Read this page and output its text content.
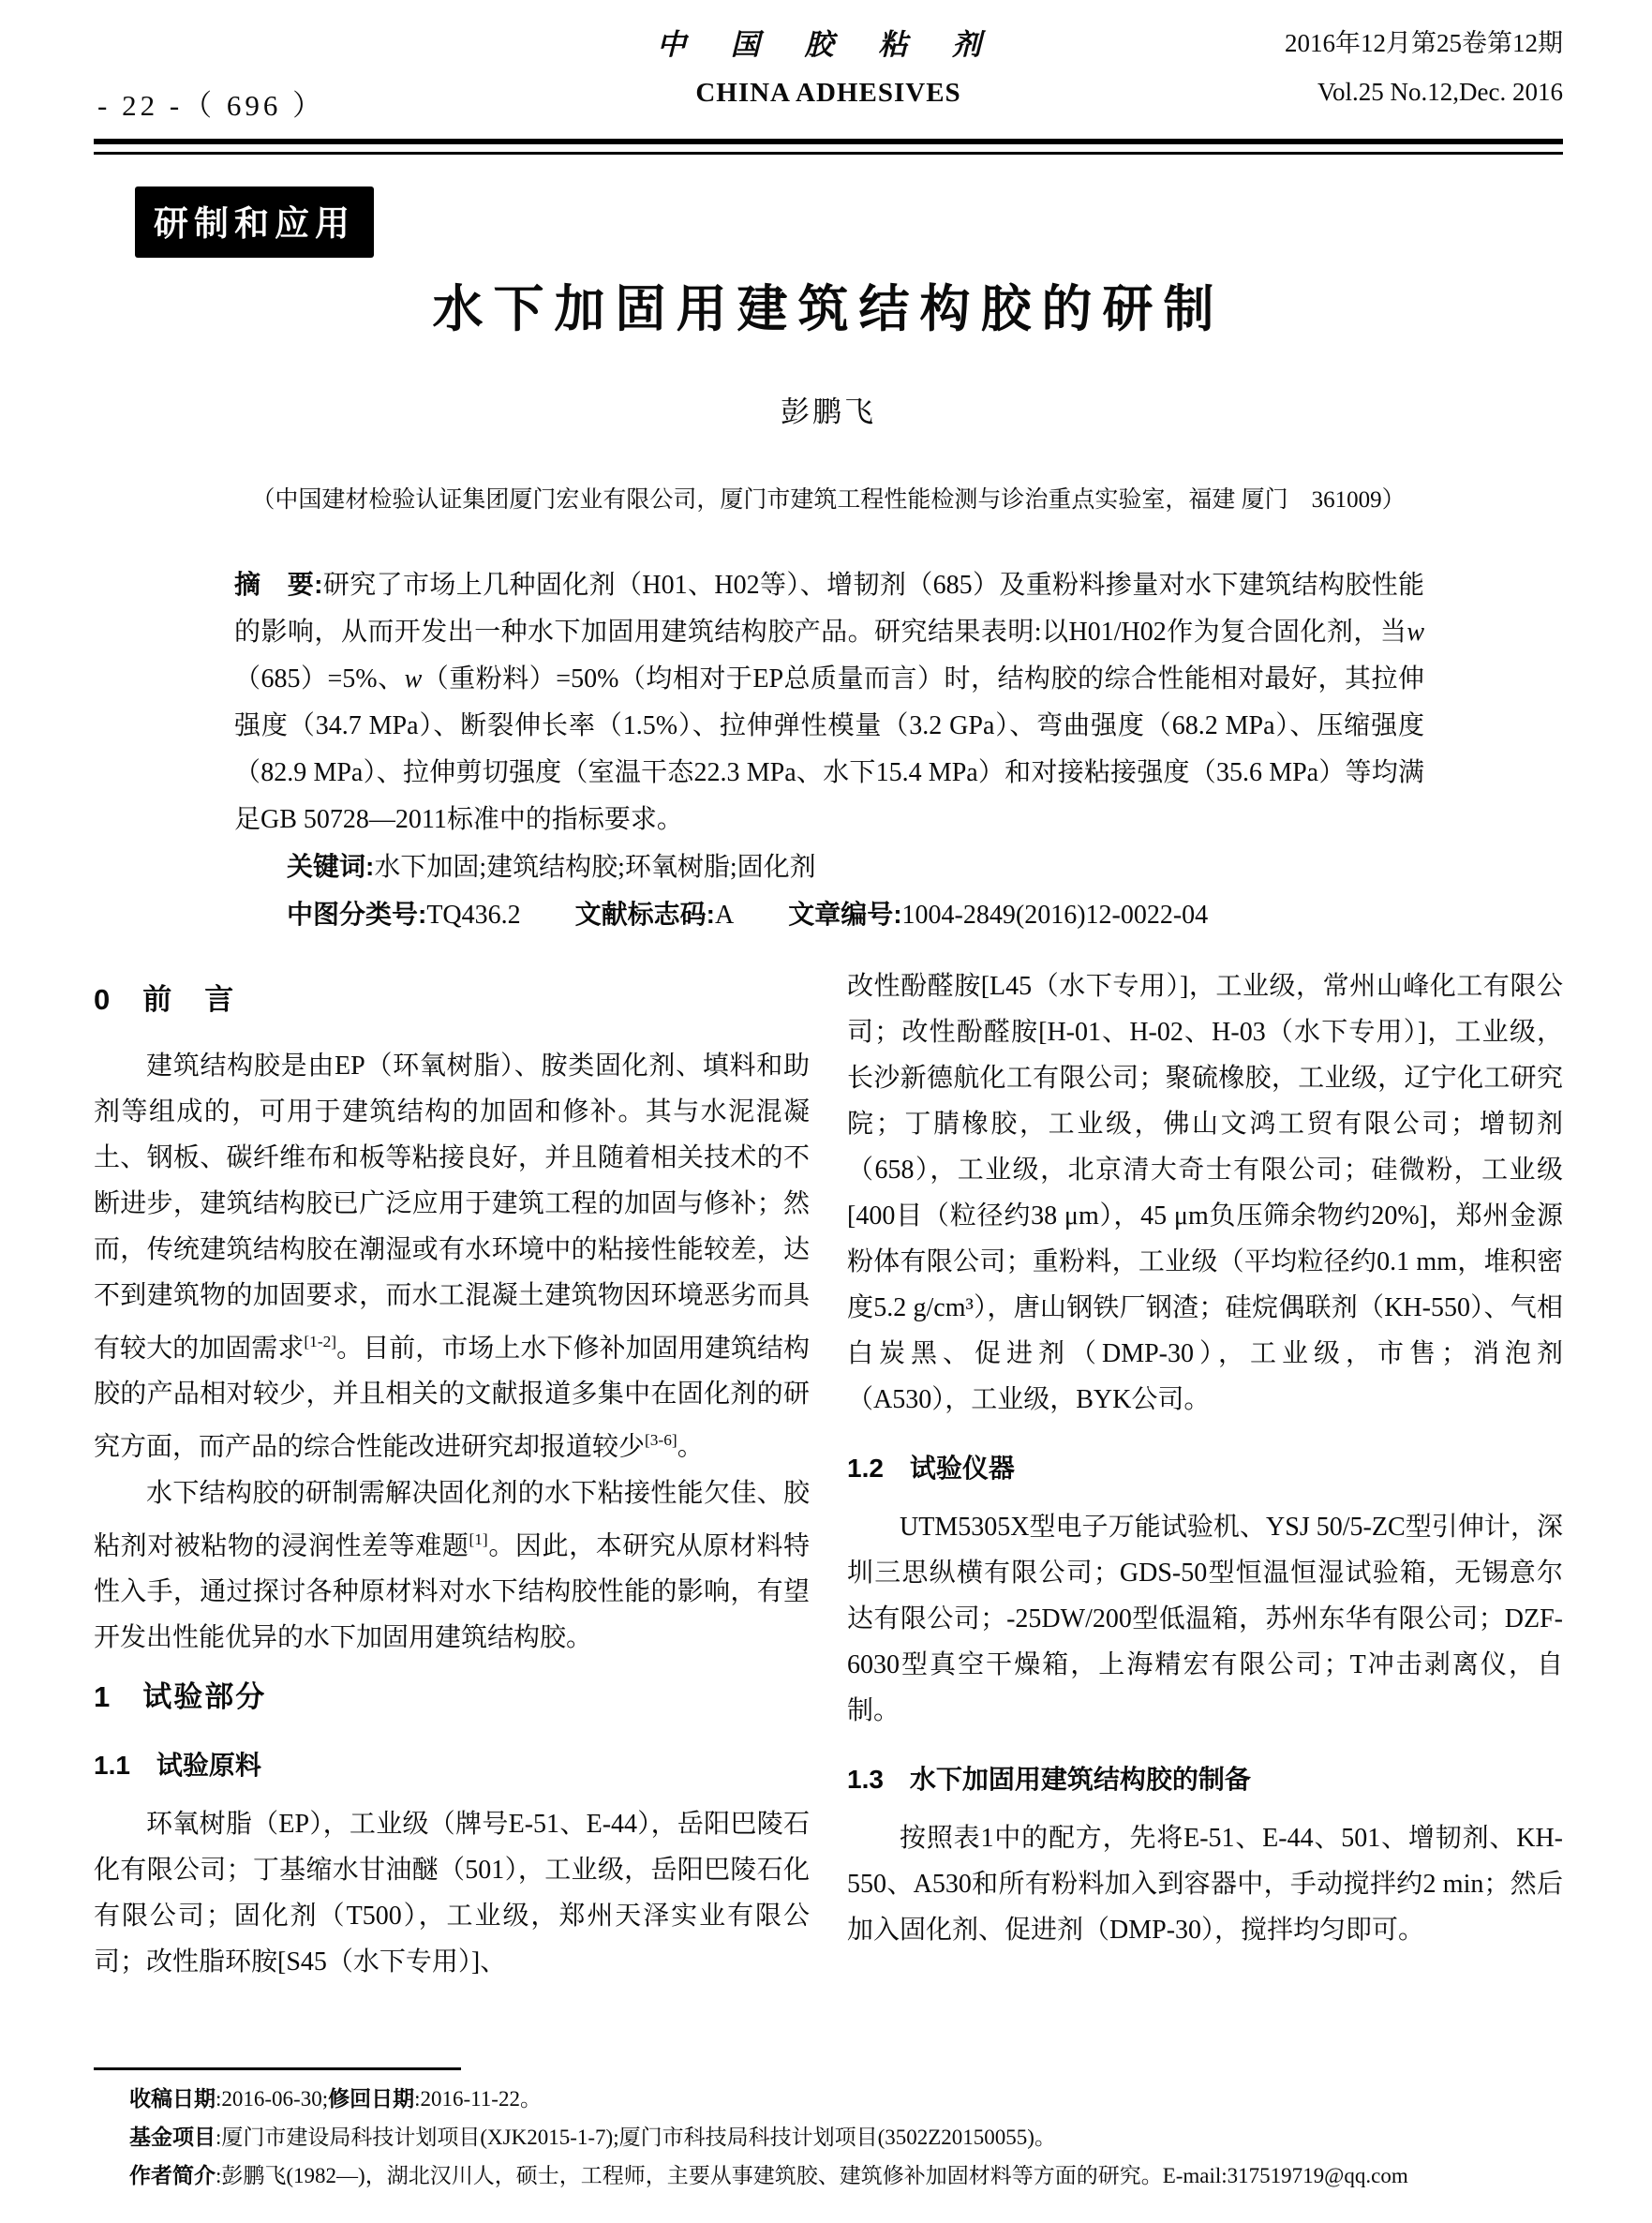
- 22 -（ 696 ）
中 国 胶 粘 剂
CHINA ADHESIVES
2016年12月第25卷第12期
Vol.25 No.12,Dec. 2016
研制和应用
水下加固用建筑结构胶的研制
彭鹏飞
（中国建材检验认证集团厦门宏业有限公司，厦门市建筑工程性能检测与诊治重点实验室，福建 厦门　361009）

摘　要:研究了市场上几种固化剂（H01、H02等）、增韧剂（685）及重粉料掺量对水下建筑结构胶性能的影响，从而开发出一种水下加固用建筑结构胶产品。研究结果表明:以H01/H02作为复合固化剂，当w（685）=5%、w（重粉料）=50%（均相对于EP总质量而言）时，结构胶的综合性能相对最好，其拉伸强度（34.7 MPa）、断裂伸长率（1.5%）、拉伸弹性模量（3.2 GPa）、弯曲强度（68.2 MPa）、压缩强度（82.9 MPa）、拉伸剪切强度（室温干态22.3 MPa、水下15.4 MPa）和对接粘接强度（35.6 MPa）等均满足GB 50728—2011标准中的指标要求。

关键词:水下加固;建筑结构胶;环氧树脂;固化剂

中图分类号:TQ436.2 文献标志码:A 文章编号:1004-2849(2016)12-0022-04

0　前　言

建筑结构胶是由EP（环氧树脂）、胺类固化剂、填料和助剂等组成的，可用于建筑结构的加固和修补。其与水泥混凝土、钢板、碳纤维布和板等粘接良好，并且随着相关技术的不断进步，建筑结构胶已广泛应用于建筑工程的加固与修补；然而，传统建筑结构胶在潮湿或有水环境中的粘接性能较差，达不到建筑物的加固要求，而水工混凝土建筑物因环境恶劣而具有较大的加固需求[1-2]。目前，市场上水下修补加固用建筑结构胶的产品相对较少，并且相关的文献报道多集中在固化剂的研究方面，而产品的综合性能改进研究却报道较少[3-6]。

水下结构胶的研制需解决固化剂的水下粘接性能欠佳、胶粘剂对被粘物的浸润性差等难题[1]。因此，本研究从原材料特性入手，通过探讨各种原材料对水下结构胶性能的影响，有望开发出性能优异的水下加固用建筑结构胶。

1　试验部分
1.1　试验原料

环氧树脂（EP），工业级（牌号E-51、E-44），岳阳巴陵石化有限公司；丁基缩水甘油醚（501），工业级，岳阳巴陵石化有限公司；固化剂（T500），工业级，郑州天泽实业有限公司；改性脂环胺[S45（水下专用）]、

改性酚醛胺[L45（水下专用）]，工业级，常州山峰化工有限公司；改性酚醛胺[H-01、H-02、H-03（水下专用）]，工业级，长沙新德航化工有限公司；聚硫橡胶，工业级，辽宁化工研究院；丁腈橡胶，工业级，佛山文鸿工贸有限公司；增韧剂（658），工业级，北京清大奇士有限公司；硅微粉，工业级[400目（粒径约38 μm），45 μm负压筛余物约20%]，郑州金源粉体有限公司；重粉料，工业级（平均粒径约0.1 mm，堆积密度5.2 g/cm³），唐山钢铁厂钢渣；硅烷偶联剂（KH-550）、气相白炭黑、促进剂（DMP-30），工业级，市售；消泡剂（A530），工业级，BYK公司。

1.2　试验仪器

UTM5305X型电子万能试验机、YSJ 50/5-ZC型引伸计，深圳三思纵横有限公司；GDS-50型恒温恒湿试验箱，无锡意尔达有限公司；-25DW/200型低温箱，苏州东华有限公司；DZF-6030型真空干燥箱，上海精宏有限公司；T冲击剥离仪，自制。

1.3　水下加固用建筑结构胶的制备

按照表1中的配方，先将E-51、E-44、501、增韧剂、KH-550、A530和所有粉料加入到容器中，手动搅拌约2 min；然后加入固化剂、促进剂（DMP-30），搅拌均匀即可。

收稿日期:2016-06-30;修回日期:2016-11-22。

基金项目:厦门市建设局科技计划项目(XJK2015-1-7);厦门市科技局科技计划项目(3502Z20150055)。

作者简介:彭鹏飞(1982—)，湖北汉川人，硕士，工程师，主要从事建筑胶、建筑修补加固材料等方面的研究。E-mail:317519719@qq.com
